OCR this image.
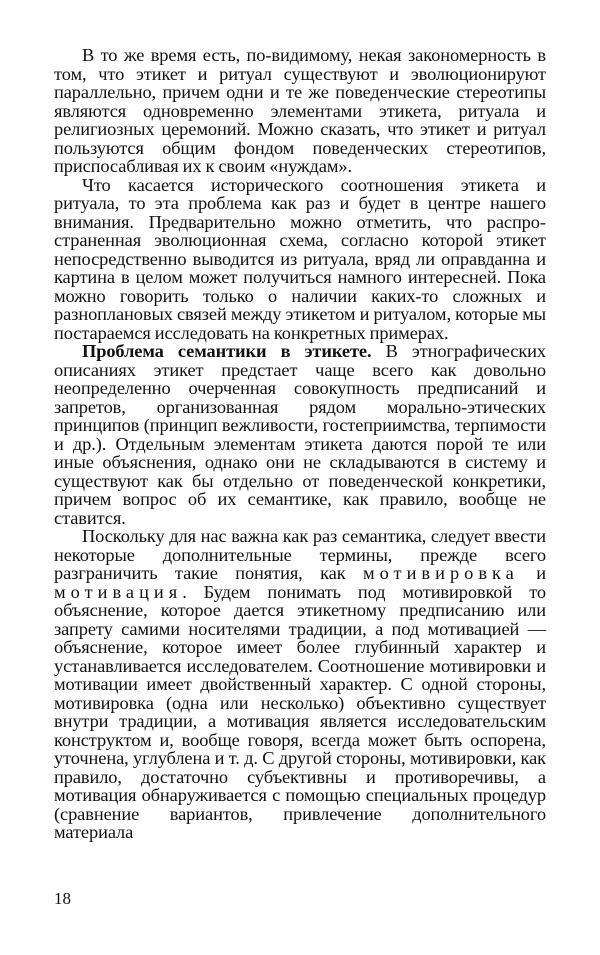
В то же время есть, по-видимому, некая закономерность в том, что этикет и ритуал существуют и эволюционируют параллельно, причем одни и те же поведенческие стереотипы являются одновременно элементами этикета, ритуала и религиозных церемоний. Можно сказать, что этикет и ритуал пользуются общим фондом поведенческих стереотипов, приспосабливая их к своим «нуждам».

Что касается исторического соотношения этикета и ритуала, то эта проблема как раз и будет в центре нашего внимания. Предварительно можно отметить, что распространенная эволюционная схема, согласно которой этикет непосредственно выводится из ритуала, вряд ли оправданна и картина в целом может получиться намного интересней. Пока можно говорить только о наличии каких-то сложных и разноплановых связей между этикетом и ритуалом, которые мы постараемся исследовать на конкретных примерах.

Проблема семантики в этикете. В этнографических описаниях этикет предстает чаще всего как довольно неопределенно очерченная совокупность предписаний и запретов, организованная рядом морально-этических принципов (принцип вежливости, гостеприимства, терпимости и др.). Отдельным элементам этикета даются порой те или иные объяснения, однако они не складываются в систему и существуют как бы отдельно от поведенческой конкретики, причем вопрос об их семантике, как правило, вообще не ставится.

Поскольку для нас важна как раз семантика, следует ввести некоторые дополнительные термины, прежде всего разграничить такие понятия, как мотивировка и мотивация. Будем понимать под мотивировкой то объяснение, которое дается этикетному предписанию или запрету самими носителями традиции, а под мотивацией — объяснение, которое имеет более глубинный характер и устанавливается исследователем. Соотношение мотивировки и мотивации имеет двойственный характер. С одной стороны, мотивировка (одна или несколько) объективно существует внутри традиции, а мотивация является исследовательским конструктом и, вообще говоря, всегда может быть оспорена, уточнена, углублена и т. д. С другой стороны, мотивировки, как правило, достаточно субъективны и противоречивы, а мотивация обнаруживается с помощью специальных процедур (сравнение вариантов, привлечение дополнительного материала

18
